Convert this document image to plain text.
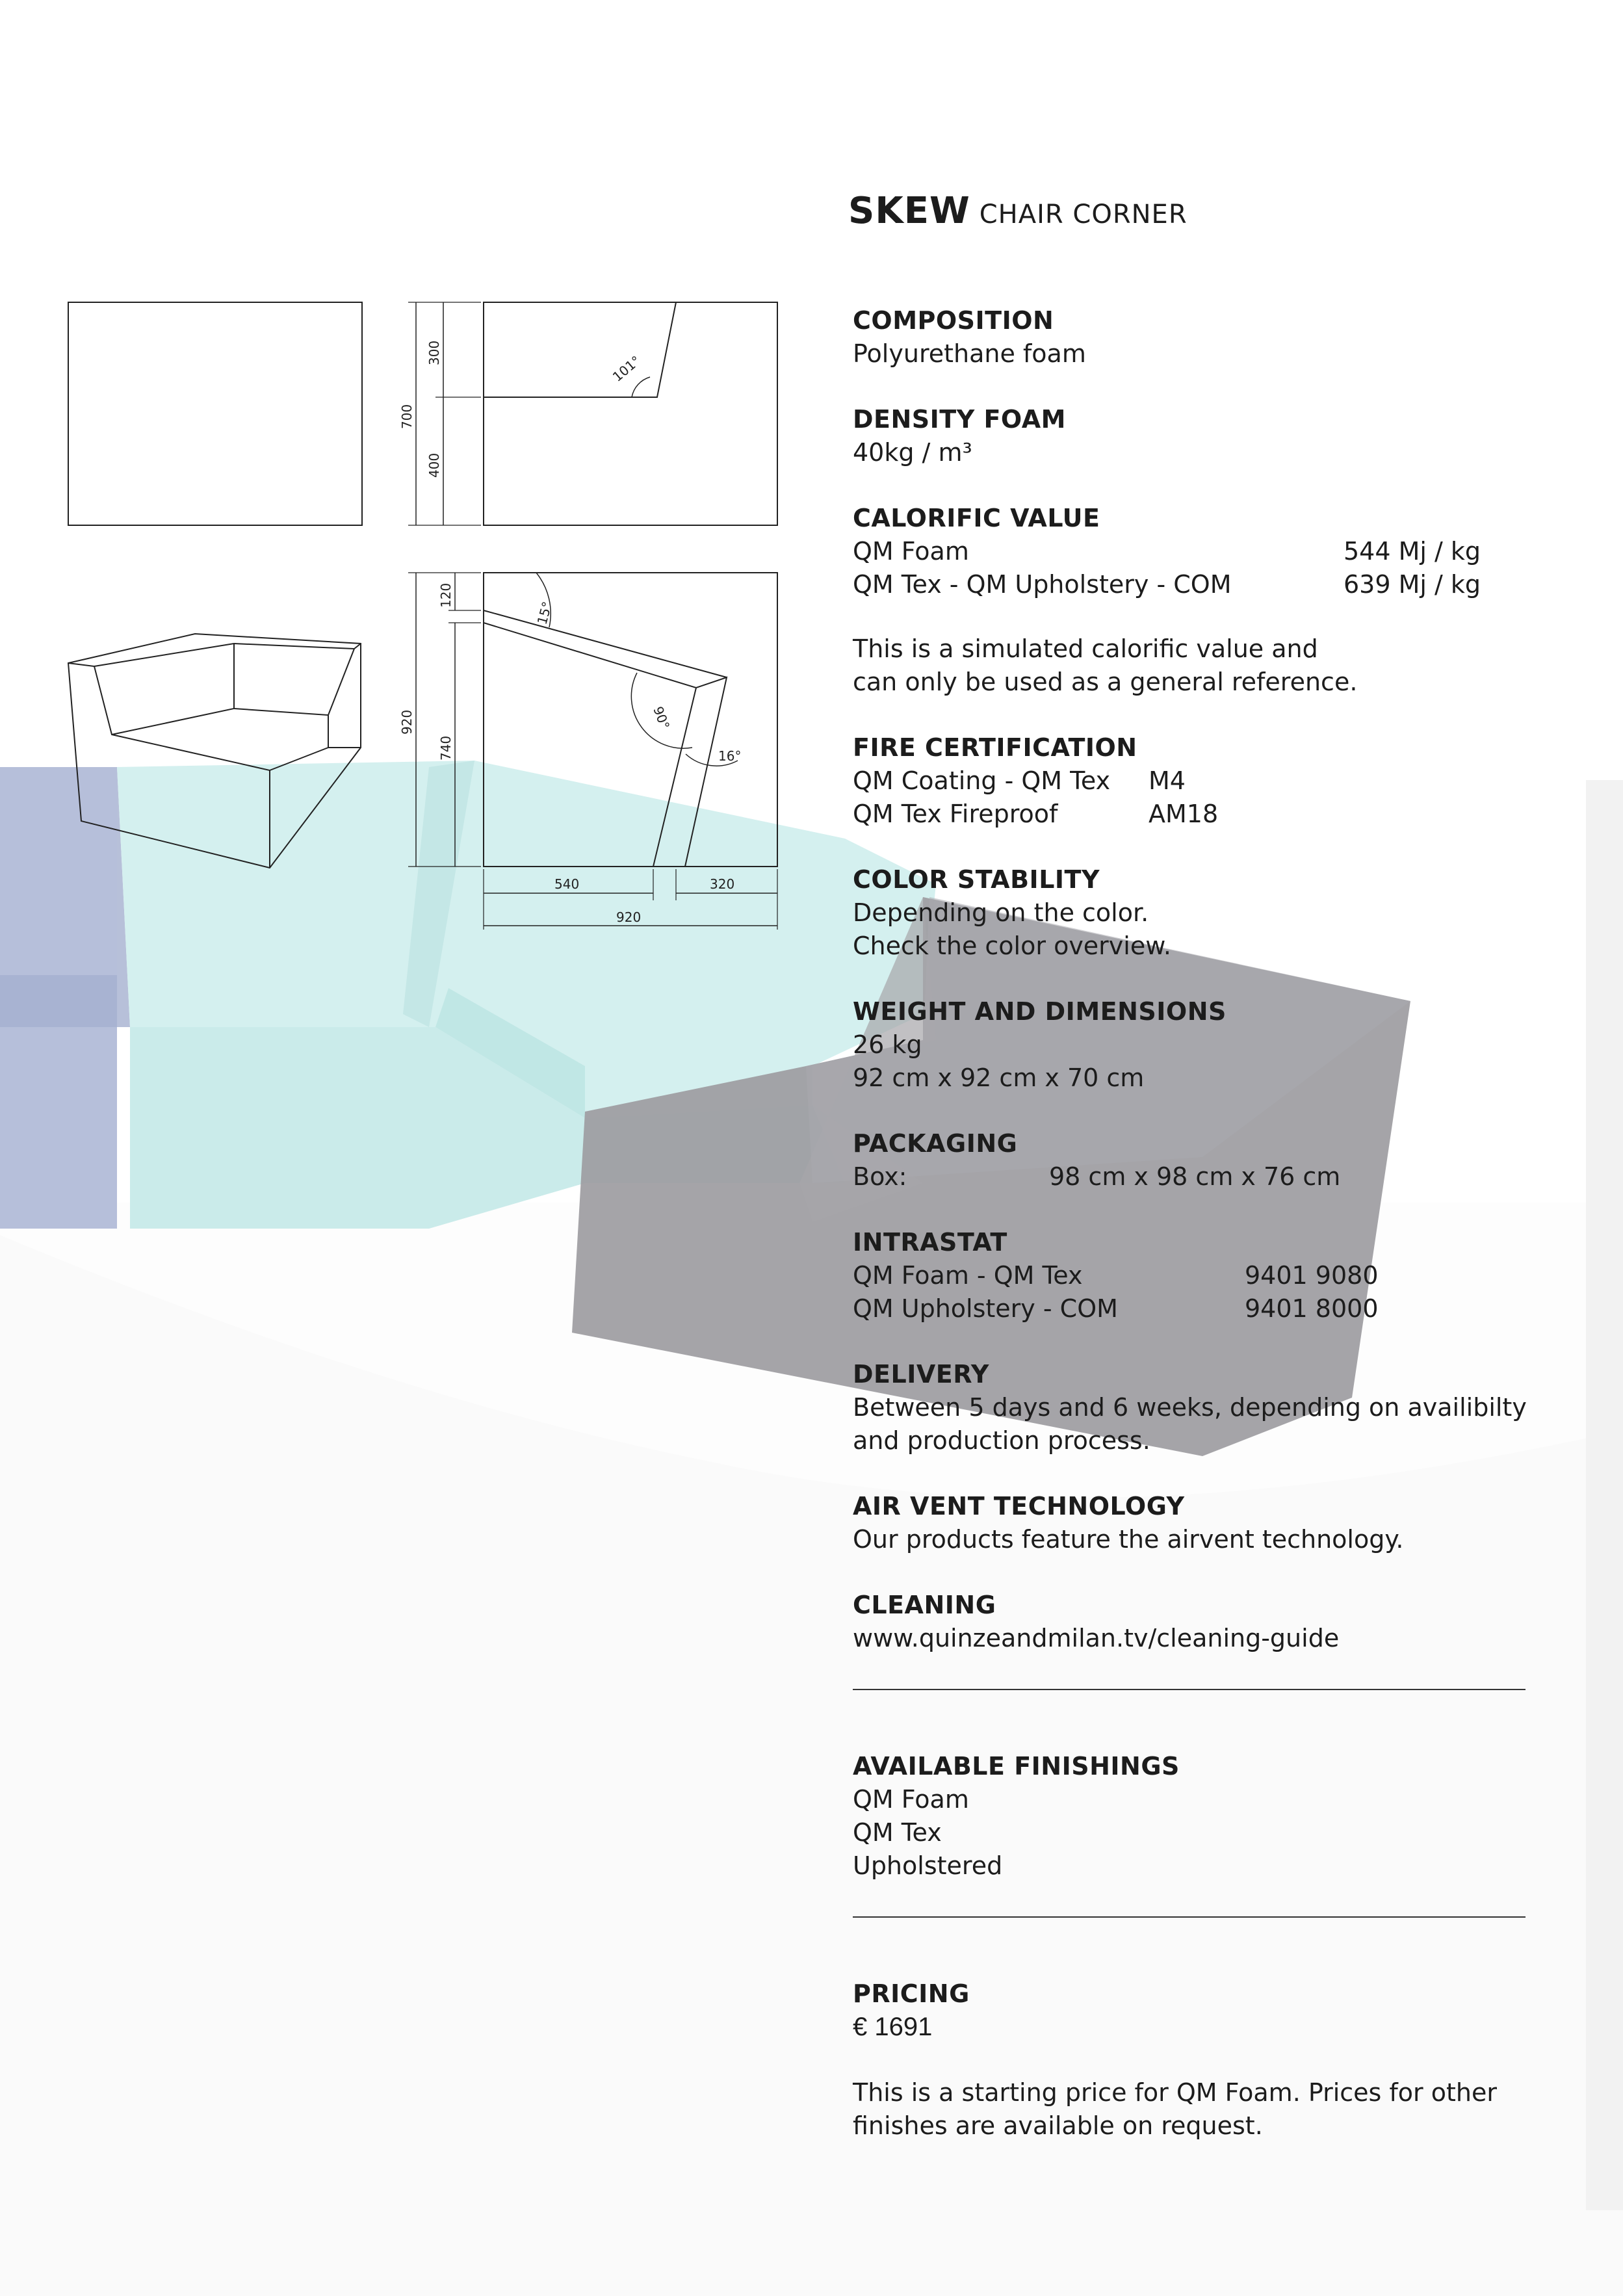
300
400
700
101°
120
740
920
15°
90°
16°
540	320
920
SKEW CHAIR CORNER
COMPOSITION
Polyurethane foam
DENSITY FOAM
40kg / m³
CALORIFIC VALUE
QM Foam	544 Mj / kg
QM Tex - QM Upholstery - COM	639 Mj / kg
This is a simulated calorific value and
can only be used as a general reference.
FIRE CERTIFICATION
QM Coating - QM Tex	M4
QM Tex Fireproof	AM18
COLOR STABILITY
Depending on the color.
Check the color overview.
WEIGHT AND DIMENSIONS
26 kg
92 cm x 92 cm x 70 cm
PACKAGING
Box:	98 cm x 98 cm x 76 cm
INTRASTAT
QM Foam - QM Tex	9401 9080
QM Upholstery - COM	9401 8000
DELIVERY
Between 5 days and 6 weeks, depending on availibilty
and production process.
AIR VENT TECHNOLOGY
Our products feature the airvent technology.
CLEANING
www.quinzeandmilan.tv/cleaning-guide
AVAILABLE FINISHINGS
QM Foam
QM Tex
Upholstered
PRICING
€ 1691
This is a starting price for QM Foam. Prices for other
finishes are available on request.
